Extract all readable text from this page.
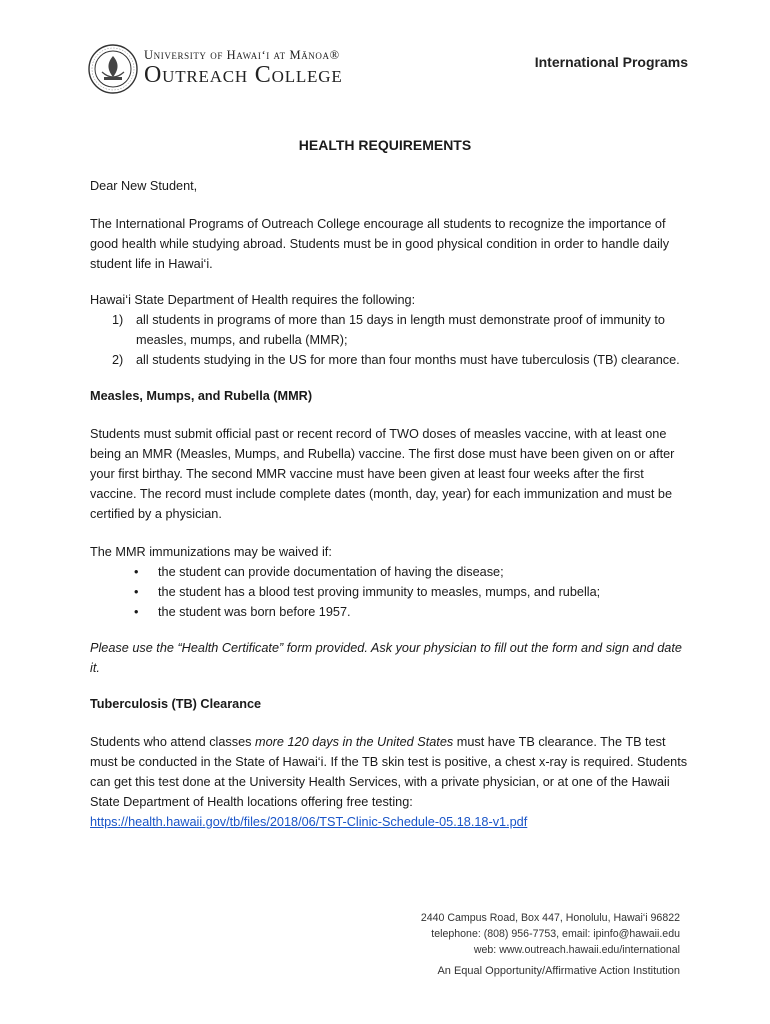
University of Hawai‘i at Mānoa®
Outreach College	International Programs
HEALTH REQUIREMENTS

Dear New Student,

The International Programs of Outreach College encourage all students to recognize the importance of good health while studying abroad. Students must be in good physical condition in order to handle daily student life in Hawai‘i.

Hawai‘i State Department of Health requires the following:

1) all students in programs of more than 15 days in length must demonstrate proof of immunity to measles, mumps, and rubella (MMR);
2) all students studying in the US for more than four months must have tuberculosis (TB) clearance.

Measles, Mumps, and Rubella (MMR)

Students must submit official past or recent record of TWO doses of measles vaccine, with at least one being an MMR (Measles, Mumps, and Rubella) vaccine. The first dose must have been given on or after your first birthay. The second MMR vaccine must have been given at least four weeks after the first vaccine. The record must include complete dates (month, day, year) for each immunization and must be certified by a physician.

The MMR immunizations may be waived if:

• the student can provide documentation of having the disease;
• the student has a blood test proving immunity to measles, mumps, and rubella;
• the student was born before 1957.

Please use the “Health Certificate” form provided. Ask your physician to fill out the form and sign and date it.

Tuberculosis (TB) Clearance

Students who attend classes more 120 days in the United States must have TB clearance. The TB test must be conducted in the State of Hawai‘i. If the TB skin test is positive, a chest x-ray is required. Students can get this test done at the University Health Services, with a private physician, or at one of the Hawaii State Department of Health locations offering free testing:
https://health.hawaii.gov/tb/files/2018/06/TST-Clinic-Schedule-05.18.18-v1.pdf

2440 Campus Road, Box 447, Honolulu, Hawai‘i 96822
telephone: (808) 956-7753, email: ipinfo@hawaii.edu
web: www.outreach.hawaii.edu/international
An Equal Opportunity/Affirmative Action Institution
